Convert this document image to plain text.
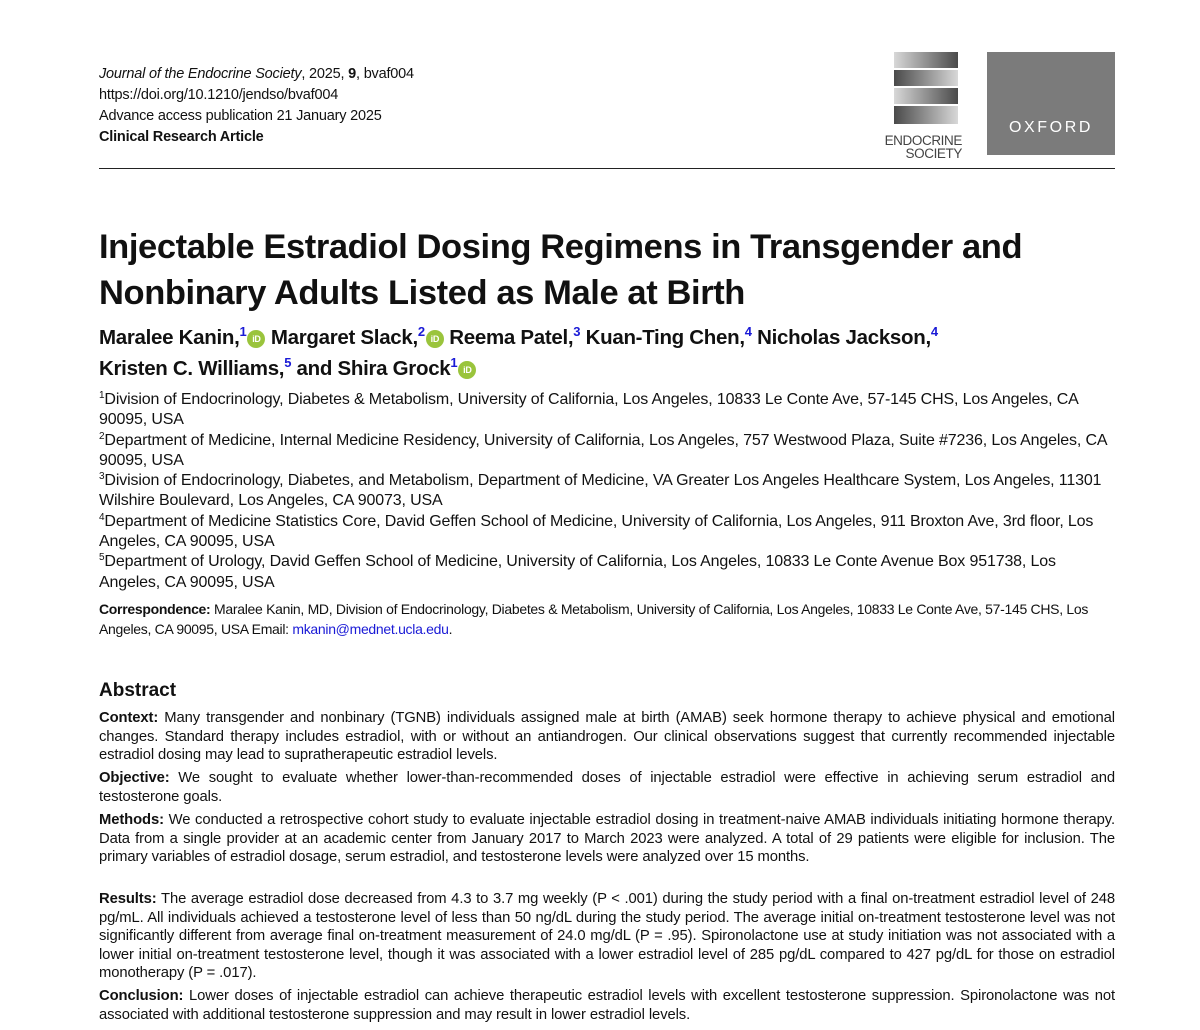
Journal of the Endocrine Society, 2025, 9, bvaf004
https://doi.org/10.1210/jendso/bvaf004
Advance access publication 21 January 2025
Clinical Research Article	ENDOCRINE
SOCIETY
OXFORD
Injectable Estradiol Dosing Regimens in Transgender and Nonbinary Adults Listed as Male at Birth
Maralee Kanin,$^1$ iD Margaret Slack,$^2$ iD Reema Patel,$^3$ Kuan-Ting Chen,$^4$ Nicholas Jackson,$^4$
Kristen C. Williams,$^5$ and Shira Grock$^1$ iD
$^1$Division of Endocrinology, Diabetes & Metabolism, University of California, Los Angeles, 10833 Le Conte Ave, 57-145 CHS, Los Angeles, CA 90095, USA
$^2$Department of Medicine, Internal Medicine Residency, University of California, Los Angeles, 757 Westwood Plaza, Suite #7236, Los Angeles, CA 90095, USA
$^3$Division of Endocrinology, Diabetes, and Metabolism, Department of Medicine, VA Greater Los Angeles Healthcare System, Los Angeles, 11301 Wilshire Boulevard, Los Angeles, CA 90073, USA
$^4$Department of Medicine Statistics Core, David Geffen School of Medicine, University of California, Los Angeles, 911 Broxton Ave, 3rd floor, Los Angeles, CA 90095, USA
$^5$Department of Urology, David Geffen School of Medicine, University of California, Los Angeles, 10833 Le Conte Avenue Box 951738, Los Angeles, CA 90095, USA
Correspondence: Maralee Kanin, MD, Division of Endocrinology, Diabetes & Metabolism, University of California, Los Angeles, 10833 Le Conte Ave, 57-145 CHS, Los Angeles, CA 90095, USA Email: mkanin@mednet.ucla.edu.
Abstract

Context: Many transgender and nonbinary (TGNB) individuals assigned male at birth (AMAB) seek hormone therapy to achieve physical and emotional changes. Standard therapy includes estradiol, with or without an antiandrogen. Our clinical observations suggest that currently recommended injectable estradiol dosing may lead to supratherapeutic estradiol levels.

Objective: We sought to evaluate whether lower-than-recommended doses of injectable estradiol were effective in achieving serum estradiol and testosterone goals.

Methods: We conducted a retrospective cohort study to evaluate injectable estradiol dosing in treatment-naive AMAB individuals initiating hormone therapy. Data from a single provider at an academic center from January 2017 to March 2023 were analyzed. A total of 29 patients were eligible for inclusion. The primary variables of estradiol dosage, serum estradiol, and testosterone levels were analyzed over 15 months.

Results: The average estradiol dose decreased from 4.3 to 3.7 mg weekly (P < .001) during the study period with a final on-treatment estradiol level of 248 pg/mL. All individuals achieved a testosterone level of less than 50 ng/dL during the study period. The average initial on-treatment testosterone level was not significantly different from average final on-treatment measurement of 24.0 mg/dL (P = .95). Spironolactone use at study initiation was not associated with a lower initial on-treatment testosterone level, though it was associated with a lower estradiol level of 285 pg/dL compared to 427 pg/dL for those on estradiol monotherapy (P = .017).

Conclusion: Lower doses of injectable estradiol can achieve therapeutic estradiol levels with excellent testosterone suppression. Spironolactone was not associated with additional testosterone suppression and may result in lower estradiol levels.
